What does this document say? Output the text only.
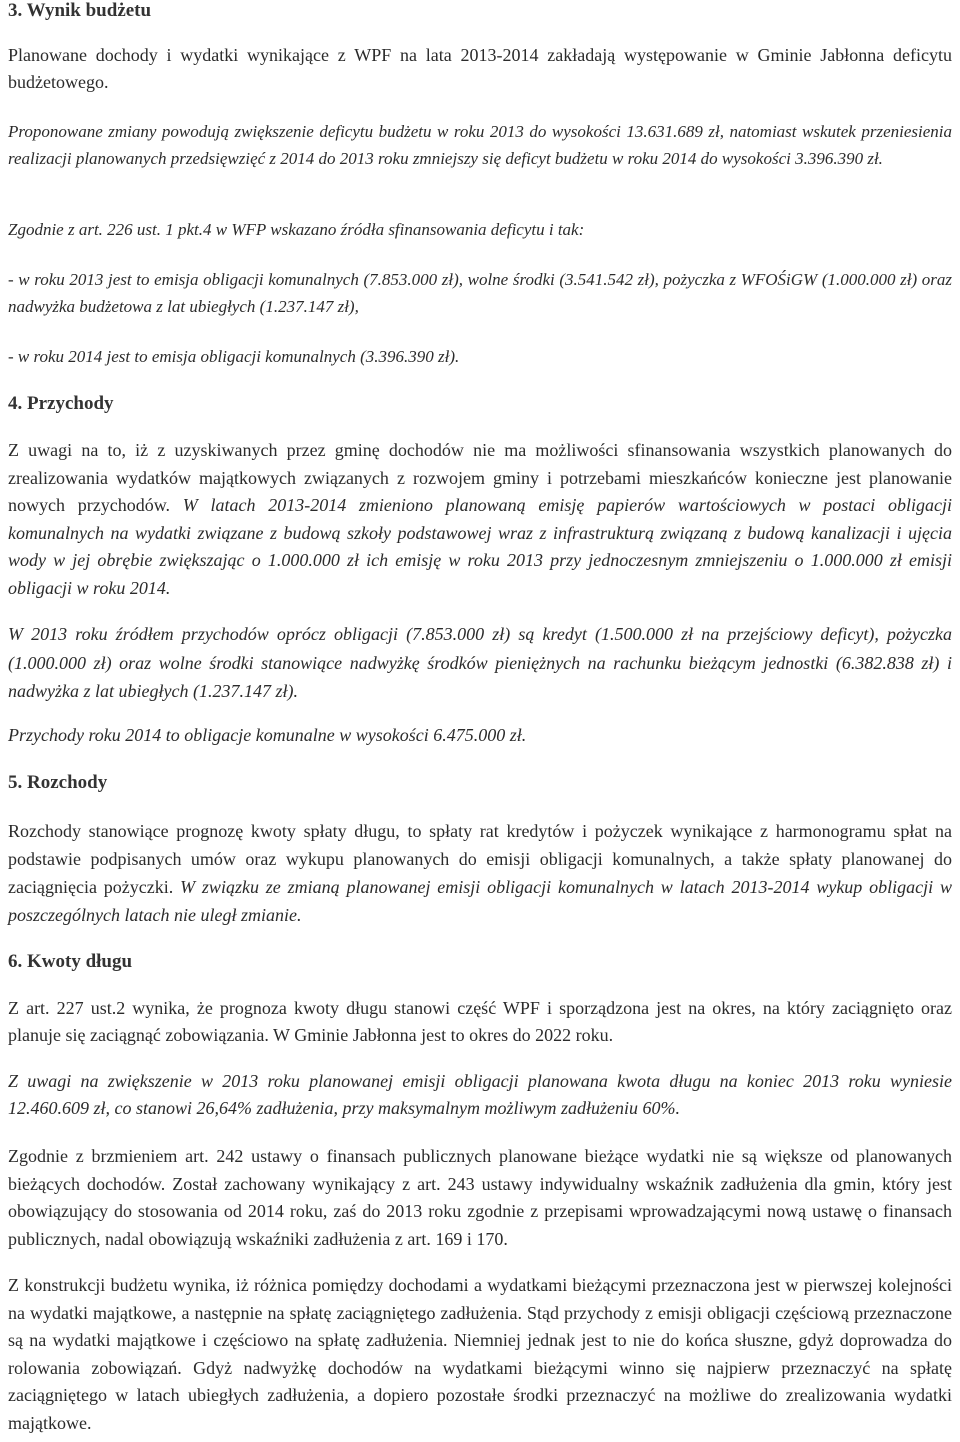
3. Wynik budżetu

Planowane dochody i wydatki wynikające z WPF na lata 2013-2014 zakładają występowanie w Gminie Jabłonna deficytu budżetowego.

Proponowane zmiany powodują zwiększenie deficytu budżetu w roku 2013 do wysokości 13.631.689 zł, natomiast wskutek przeniesienia realizacji planowanych przedsięwzięć z 2014 do 2013 roku zmniejszy się deficyt budżetu w roku 2014 do wysokości 3.396.390 zł.

Zgodnie z art. 226 ust. 1 pkt.4 w WFP wskazano źródła sfinansowania deficytu i tak:

- w roku 2013 jest to emisja obligacji komunalnych (7.853.000 zł), wolne środki (3.541.542 zł), pożyczka z WFOŚiGW (1.000.000 zł) oraz nadwyżka budżetowa z lat ubiegłych (1.237.147 zł),

- w roku 2014 jest to emisja obligacji komunalnych (3.396.390 zł).

4. Przychody

Z uwagi na to, iż z uzyskiwanych przez gminę dochodów nie ma możliwości sfinansowania wszystkich planowanych do zrealizowania wydatków majątkowych związanych z rozwojem gminy i potrzebami mieszkańców konieczne jest planowanie nowych przychodów. W latach 2013-2014 zmieniono planowaną emisję papierów wartościowych w postaci obligacji komunalnych na wydatki związane z budową szkoły podstawowej wraz z infrastrukturą związaną z budową kanalizacji i ujęcia wody w jej obrębie zwiększając o 1.000.000 zł ich emisję w roku 2013 przy jednoczesnym zmniejszeniu o 1.000.000 zł emisji obligacji w roku 2014.

W 2013 roku źródłem przychodów oprócz obligacji (7.853.000 zł) są kredyt (1.500.000 zł na przejściowy deficyt), pożyczka (1.000.000 zł) oraz wolne środki stanowiące nadwyżkę środków pieniężnych na rachunku bieżącym jednostki (6.382.838 zł) i nadwyżka z lat ubiegłych (1.237.147 zł).

Przychody roku 2014 to obligacje komunalne w wysokości 6.475.000 zł.

5. Rozchody

Rozchody stanowiące prognozę kwoty spłaty długu, to spłaty rat kredytów i pożyczek wynikające z harmonogramu spłat na podstawie podpisanych umów oraz wykupu planowanych do emisji obligacji komunalnych, a także spłaty planowanej do zaciągnięcia pożyczki. W związku ze zmianą planowanej emisji obligacji komunalnych w latach 2013-2014 wykup obligacji w poszczególnych latach nie uległ zmianie.

6. Kwoty długu

Z art. 227 ust.2 wynika, że prognoza kwoty długu stanowi część WPF i sporządzona jest na okres, na który zaciągnięto oraz planuje się zaciągnąć zobowiązania. W Gminie Jabłonna jest to okres do 2022 roku.

Z uwagi na zwiększenie w 2013 roku planowanej emisji obligacji planowana kwota długu na koniec 2013 roku wyniesie 12.460.609 zł, co stanowi 26,64% zadłużenia, przy maksymalnym możliwym zadłużeniu 60%.

Zgodnie z brzmieniem art. 242 ustawy o finansach publicznych planowane bieżące wydatki nie są większe od planowanych bieżących dochodów. Został zachowany wynikający z art. 243 ustawy indywidualny wskaźnik zadłużenia dla gmin, który jest obowiązujący do stosowania od 2014 roku, zaś do 2013 roku zgodnie z przepisami wprowadzającymi nową ustawę o finansach publicznych, nadal obowiązują wskaźniki zadłużenia z art. 169 i 170.

Z konstrukcji budżetu wynika, iż różnica pomiędzy dochodami a wydatkami bieżącymi przeznaczona jest w pierwszej kolejności na wydatki majątkowe, a następnie na spłatę zaciągniętego zadłużenia. Stąd przychody z emisji obligacji częściową przeznaczone są na wydatki majątkowe i częściowo na spłatę zadłużenia. Niemniej jednak jest to nie do końca słuszne, gdyż doprowadza do rolowania zobowiązań. Gdyż nadwyżkę dochodów na wydatkami bieżącymi winno się najpierw przeznaczyć na spłatę zaciągniętego w latach ubiegłych zadłużenia, a dopiero pozostałe środki przeznaczyć na możliwe do zrealizowania wydatki majątkowe.
